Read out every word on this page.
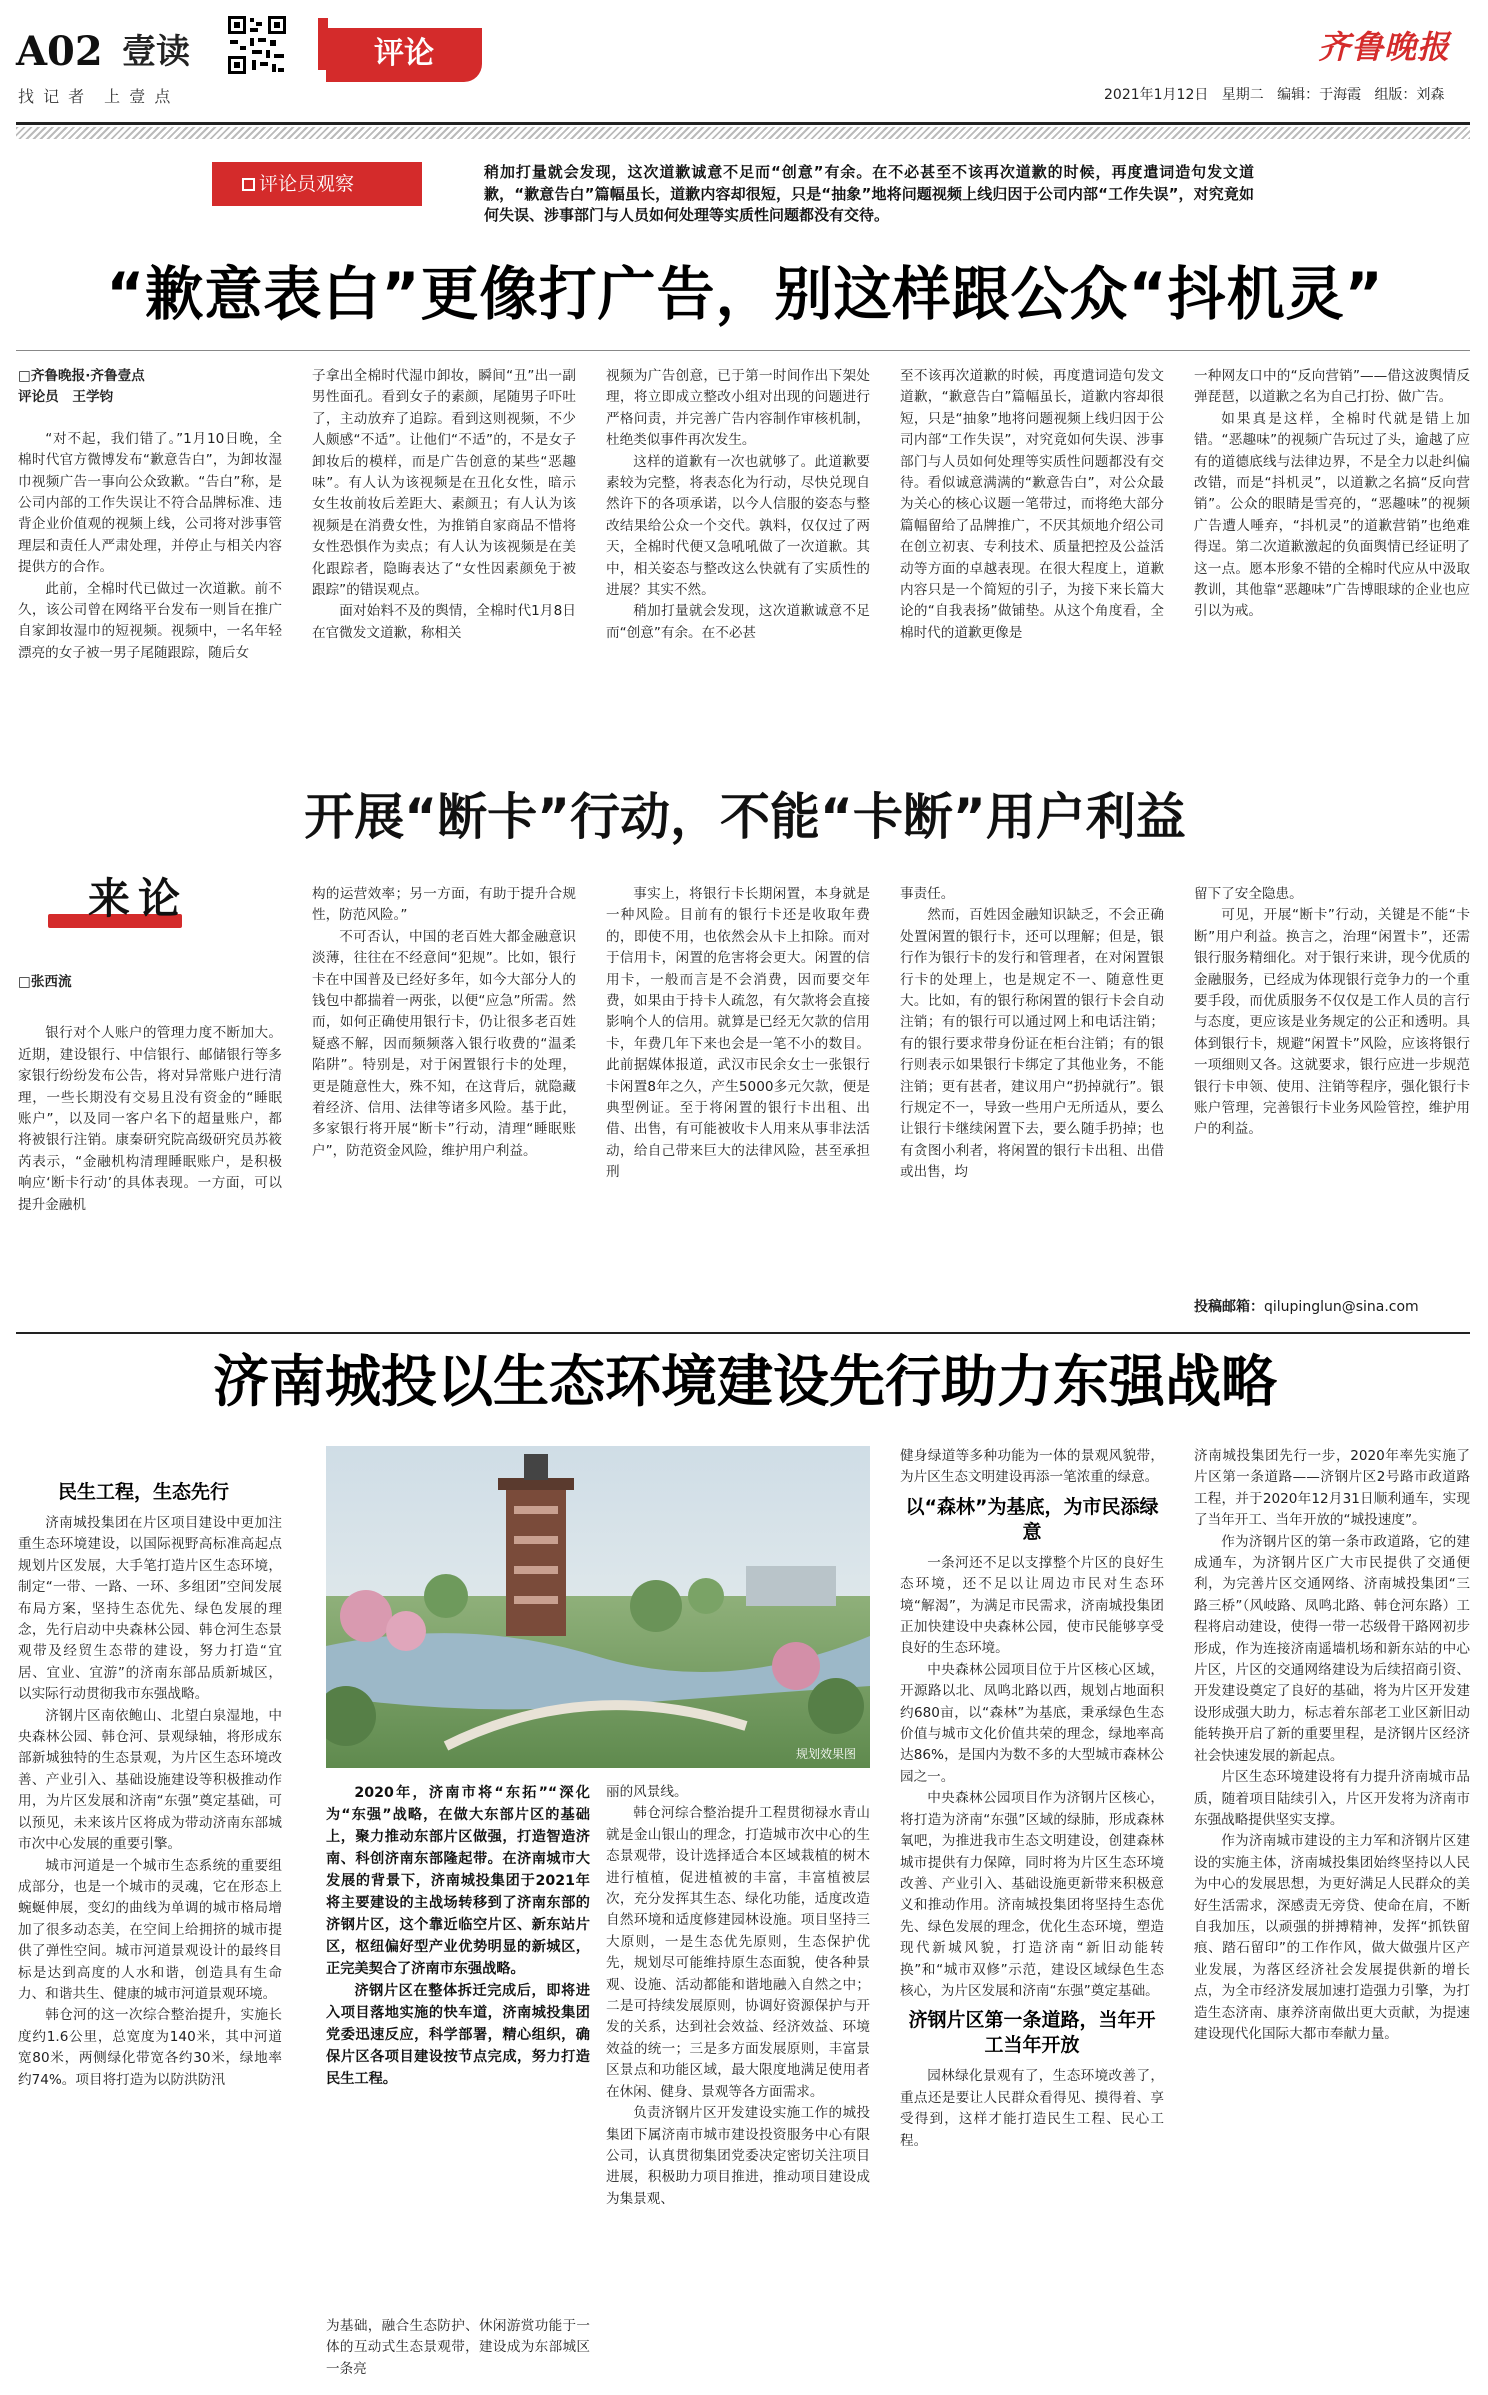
A02 壹读
找 记 者　上 壹 点
评论	齐鲁晚报
2021年1月12日 星期二 编辑：于海霞 组版：刘森
评论员观察
稍加打量就会发现，这次道歉诚意不足而“创意”有余。在不必甚至不该再次道歉的时候，再度遣词造句发文道歉，“歉意告白”篇幅虽长，道歉内容却很短，只是“抽象”地将问题视频上线归因于公司内部“工作失误”，对究竟如何失误、涉事部门与人员如何处理等实质性问题都没有交待。
“歉意表白”更像打广告，别这样跟公众“抖机灵”

□齐鲁晚报·齐鲁壹点

评论员　王学钧

“对不起，我们错了。”1月10日晚，全棉时代官方微博发布“歉意告白”，为卸妆湿巾视频广告一事向公众致歉。“告白”称，是公司内部的工作失误让不符合品牌标准、违背企业价值观的视频上线，公司将对涉事管理层和责任人严肃处理，并停止与相关内容提供方的合作。

此前，全棉时代已做过一次道歉。前不久，该公司曾在网络平台发布一则旨在推广自家卸妆湿巾的短视频。视频中，一名年轻漂亮的女子被一男子尾随跟踪，随后女

子拿出全棉时代湿巾卸妆，瞬间“丑”出一副男性面孔。看到女子的素颜，尾随男子吓吐了，主动放弃了追踪。看到这则视频，不少人颇感“不适”。让他们“不适”的，不是女子卸妆后的模样，而是广告创意的某些“恶趣味”。有人认为该视频是在丑化女性，暗示女生妆前妆后差距大、素颜丑；有人认为该视频是在消费女性，为推销自家商品不惜将女性恐惧作为卖点；有人认为该视频是在美化跟踪者，隐晦表达了“女性因素颜免于被跟踪”的错误观点。

面对始料不及的舆情，全棉时代1月8日在官微发文道歉，称相关

视频为广告创意，已于第一时间作出下架处理，将立即成立整改小组对出现的问题进行严格问责，并完善广告内容制作审核机制，杜绝类似事件再次发生。

这样的道歉有一次也就够了。此道歉要素较为完整，将表态化为行动，尽快兑现自然许下的各项承诺，以今人信服的姿态与整改结果给公众一个交代。孰料，仅仅过了两天，全棉时代便又急吼吼做了一次道歉。其中，相关姿态与整改这么快就有了实质性的进展？其实不然。

稍加打量就会发现，这次道歉诚意不足而“创意”有余。在不必甚

至不该再次道歉的时候，再度遣词造句发文道歉，“歉意告白”篇幅虽长，道歉内容却很短，只是“抽象”地将问题视频上线归因于公司内部“工作失误”，对究竟如何失误、涉事部门与人员如何处理等实质性问题都没有交待。看似诚意满满的“歉意告白”，对公众最为关心的核心议题一笔带过，而将绝大部分篇幅留给了品牌推广，不厌其烦地介绍公司在创立初衷、专利技术、质量把控及公益活动等方面的卓越表现。在很大程度上，道歉内容只是一个简短的引子，为接下来长篇大论的“自我表扬”做铺垫。从这个角度看，全棉时代的道歉更像是

一种网友口中的“反向营销”——借这波舆情反弹琵琶，以道歉之名为自己打扮、做广告。

如果真是这样，全棉时代就是错上加错。“恶趣味”的视频广告玩过了头，逾越了应有的道德底线与法律边界，不是全力以赴纠偏改错，而是“抖机灵”，以道歉之名搞“反向营销”。公众的眼睛是雪亮的，“恶趣味”的视频广告遭人唾弃，“抖机灵”的道歉营销”也绝难得逞。第二次道歉激起的负面舆情已经证明了这一点。愿本形象不错的全棉时代应从中汲取教训，其他靠“恶趣味”广告博眼球的企业也应引以为戒。

开展“断卡”行动，不能“卡断”用户利益
来论

□张西流

银行对个人账户的管理力度不断加大。近期，建设银行、中信银行、邮储银行等多家银行纷纷发布公告，将对异常账户进行清理，一些长期没有交易且没有资金的“睡眠账户”，以及同一客户名下的超量账户，都将被银行注销。康秦研究院高级研究员苏筱芮表示，“金融机构清理睡眠账户，是积极响应‘断卡行动’的具体表现。一方面，可以提升金融机

构的运营效率；另一方面，有助于提升合规性，防范风险。”

不可否认，中国的老百姓大都金融意识淡薄，往往在不经意间“犯规”。比如，银行卡在中国普及已经好多年，如今大部分人的钱包中都揣着一两张，以便“应急”所需。然而，如何正确使用银行卡，仍让很多老百姓疑惑不解，因而频频落入银行收费的“温柔陷阱”。特别是，对于闲置银行卡的处理，更是随意性大，殊不知，在这背后，就隐藏着经济、信用、法律等诸多风险。基于此，多家银行将开展“断卡”行动，清理“睡眠账户”，防范资金风险，维护用户利益。

事实上，将银行卡长期闲置，本身就是一种风险。目前有的银行卡还是收取年费的，即使不用，也依然会从卡上扣除。而对于信用卡，闲置的危害将会更大。闲置的信用卡，一般而言是不会消费，因而要交年费，如果由于持卡人疏忽，有欠款将会直接影响个人的信用。就算是已经无欠款的信用卡，年费几年下来也会是一笔不小的数目。此前据媒体报道，武汉市民余女士一张银行卡闲置8年之久，产生5000多元欠款，便是典型例证。至于将闲置的银行卡出租、出借、出售，有可能被收卡人用来从事非法活动，给自己带来巨大的法律风险，甚至承担刑

事责任。

然而，百姓因金融知识缺乏，不会正确处置闲置的银行卡，还可以理解；但是，银行作为银行卡的发行和管理者，在对闲置银行卡的处理上，也是规定不一、随意性更大。比如，有的银行称闲置的银行卡会自动注销；有的银行可以通过网上和电话注销；有的银行要求带身份证在柜台注销；有的银行则表示如果银行卡绑定了其他业务，不能注销；更有甚者，建议用户“扔掉就行”。银行规定不一，导致一些用户无所适从，要么让银行卡继续闲置下去，要么随手扔掉；也有贪图小利者，将闲置的银行卡出租、出借或出售，均

留下了安全隐患。

可见，开展“断卡”行动，关键是不能“卡断”用户利益。换言之，治理“闲置卡”，还需银行服务精细化。对于银行来讲，现今优质的金融服务，已经成为体现银行竞争力的一个重要手段，而优质服务不仅仅是工作人员的言行与态度，更应该是业务规定的公正和透明。具体到银行卡，规避“闲置卡”风险，应该将银行一项细则又各。这就要求，银行应进一步规范银行卡申领、使用、注销等程序，强化银行卡账户管理，完善银行卡业务风险管控，维护用户的利益。

投稿邮箱：qilupinglun@sina.com
济南城投以生态环境建设先行助力东强战略
规划效果图
民生工程，生态先行

济南城投集团在片区项目建设中更加注重生态环境建设，以国际视野高标准高起点规划片区发展，大手笔打造片区生态环境，制定“一带、一路、一环、多组团”空间发展布局方案，坚持生态优先、绿色发展的理念，先行启动中央森林公园、韩仓河生态景观带及经贸生态带的建设，努力打造“宜居、宜业、宜游”的济南东部品质新城区，以实际行动贯彻我市东强战略。

济钢片区南依鲍山、北望白泉湿地，中央森林公园、韩仓河、景观绿轴，将形成东部新城独特的生态景观，为片区生态环境改善、产业引入、基础设施建设等积极推动作用，为片区发展和济南“东强”奠定基础，可以预见，未来该片区将成为带动济南东部城市次中心发展的重要引擎。

城市河道是一个城市生态系统的重要组成部分，也是一个城市的灵魂，它在形态上蜿蜒伸展，变幻的曲线为单调的城市格局增加了很多动态美，在空间上给拥挤的城市提供了弹性空间。城市河道景观设计的最终目标是达到高度的人水和谐，创造具有生命力、和谐共生、健康的城市河道景观环境。

韩仓河的这一次综合整治提升，实施长度约1.6公里，总宽度为140米，其中河道宽80米，两侧绿化带宽各约30米，绿地率约74%。项目将打造为以防洪防汛

2020年，济南市将“东拓”“深化为“东强”战略，在做大东部片区的基础上，聚力推动东部片区做强，打造智造济南、科创济南东部隆起带。在济南城市大发展的背景下，济南城投集团于2021年将主要建设的主战场转移到了济南东部的济钢片区，这个靠近临空片区、新东站片区，枢纽偏好型产业优势明显的新城区，正完美契合了济南市东强战略。

济钢片区在整体拆迁完成后，即将进入项目落地实施的快车道，济南城投集团党委迅速反应，科学部署，精心组织，确保片区各项目建设按节点完成，努力打造民生工程。

为基础，融合生态防护、休闲游赏功能于一体的互动式生态景观带，建设成为东部城区一条亮

丽的风景线。

韩仓河综合整治提升工程贯彻禄水青山就是金山银山的理念，打造城市次中心的生态景观带，设计选择适合本区域栽植的树木进行植植，促进植被的丰富，丰富植被层次，充分发挥其生态、绿化功能，适度改造自然环境和适度修建园林设施。项目坚持三大原则，一是生态优先原则，生态保护优先，规划尽可能维持原生态面貌，使各种景观、设施、活动都能和谐地融入自然之中；二是可持续发展原则，协调好资源保护与开发的关系，达到社会效益、经济效益、环境效益的统一；三是多方面发展原则，丰富景区景点和功能区域，最大限度地满足使用者在休闲、健身、景观等各方面需求。

负责济钢片区开发建设实施工作的城投集团下属济南市城市建设投资服务中心有限公司，认真贯彻集团党委决定密切关注项目进展，积极助力项目推进，推动项目建设成为集景观、

健身绿道等多种功能为一体的景观风貌带，为片区生态文明建设再添一笔浓重的绿意。

以“森林”为基底，为市民添绿意

一条河还不足以支撑整个片区的良好生态环境，还不足以让周边市民对生态环境“解渴”，为满足市民需求，济南城投集团正加快建设中央森林公园，使市民能够享受良好的生态环境。

中央森林公园项目位于片区核心区域，开源路以北、凤鸣北路以西，规划占地面积约680亩，以“森林”为基底，秉承绿色生态价值与城市文化价值共荣的理念，绿地率高达86%，是国内为数不多的大型城市森林公园之一。

中央森林公园项目作为济钢片区核心，将打造为济南“东强”区域的绿肺，形成森林氧吧，为推进我市生态文明建设，创建森林城市提供有力保障，同时将为片区生态环境改善、产业引入、基础设施更新带来积极意义和推动作用。济南城投集团将坚持生态优先、绿色发展的理念，优化生态环境，塑造现代新城风貌，打造济南“新旧动能转换”和“城市双修”示范，建设区域绿色生态核心，为片区发展和济南“东强”奠定基础。

济钢片区第一条道路，当年开工当年开放

园林绿化景观有了，生态环境改善了，重点还是要让人民群众看得见、摸得着、享受得到，这样才能打造民生工程、民心工程。

济南城投集团先行一步，2020年率先实施了片区第一条道路——济钢片区2号路市政道路工程，并于2020年12月31日顺利通车，实现了当年开工、当年开放的“城投速度”。

作为济钢片区的第一条市政道路，它的建成通车，为济钢片区广大市民提供了交通便利，为完善片区交通网络、济南城投集团“三路三桥”（风岐路、凤鸣北路、韩仓河东路）工程将启动建设，使得一带一芯级骨干路网初步形成，作为连接济南遥墙机场和新东站的中心片区，片区的交通网络建设为后续招商引资、开发建设奠定了良好的基础，将为片区开发建设形成强大助力，标志着东部老工业区新旧动能转换开启了新的重要里程，是济钢片区经济社会快速发展的新起点。

片区生态环境建设将有力提升济南城市品质，随着项目陆续引入，片区开发将为济南市东强战略提供坚实支撑。

作为济南城市建设的主力军和济钢片区建设的实施主体，济南城投集团始终坚持以人民为中心的发展思想，为更好满足人民群众的美好生活需求，深感责无旁贷、使命在肩，不断自我加压，以顽强的拼搏精神，发挥“抓铁留痕、踏石留印”的工作作风，做大做强片区产业发展，为落区经济社会发展提供新的增长点，为全市经济发展加速打造强力引擎，为打造生态济南、康养济南做出更大贡献，为提速建设现代化国际大都市奉献力量。
